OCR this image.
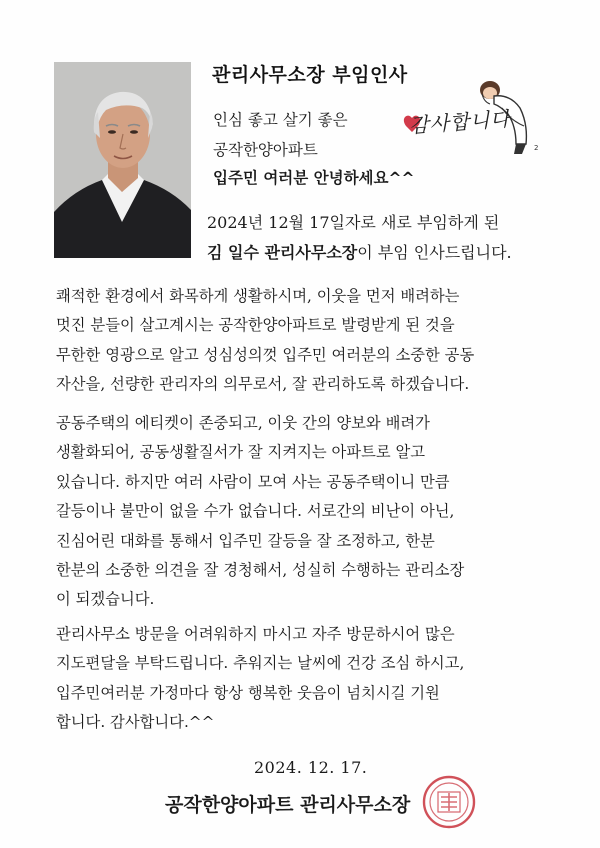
관리사무소장 부임인사
인심 좋고 살기 좋은
공작한양아파트
입주민 여러분 안녕하세요^^
2
감사합니다
2024년 12월 17일자로 새로 부임하게 된
김 일수 관리사무소장이 부임 인사드립니다.
쾌적한 환경에서 화목하게 생활하시며, 이웃을 먼저 배려하는
멋진 분들이 살고계시는 공작한양아파트로 발령받게 된 것을
무한한 영광으로 알고 성심성의껏 입주민 여러분의 소중한 공동
자산을, 선량한 관리자의 의무로서, 잘 관리하도록 하겠습니다.
공동주택의 에티켓이 존중되고, 이웃 간의 양보와 배려가
생활화되어, 공동생활질서가 잘 지켜지는 아파트로 알고
있습니다. 하지만 여러 사람이 모여 사는 공동주택이니 만큼
갈등이나 불만이 없을 수가 없습니다. 서로간의 비난이 아닌,
진심어린 대화를 통해서 입주민 갈등을 잘 조정하고, 한분
한분의 소중한 의견을 잘 경청해서, 성실히 수행하는 관리소장
이 되겠습니다.
관리사무소 방문을 어려워하지 마시고 자주 방문하시어 많은
지도편달을 부탁드립니다. 추워지는 날씨에 건강 조심 하시고,
입주민여러분 가정마다 항상 행복한 웃음이 넘치시길 기원
합니다. 감사합니다.^^
2024. 12. 17.
공작한양아파트 관리사무소장
